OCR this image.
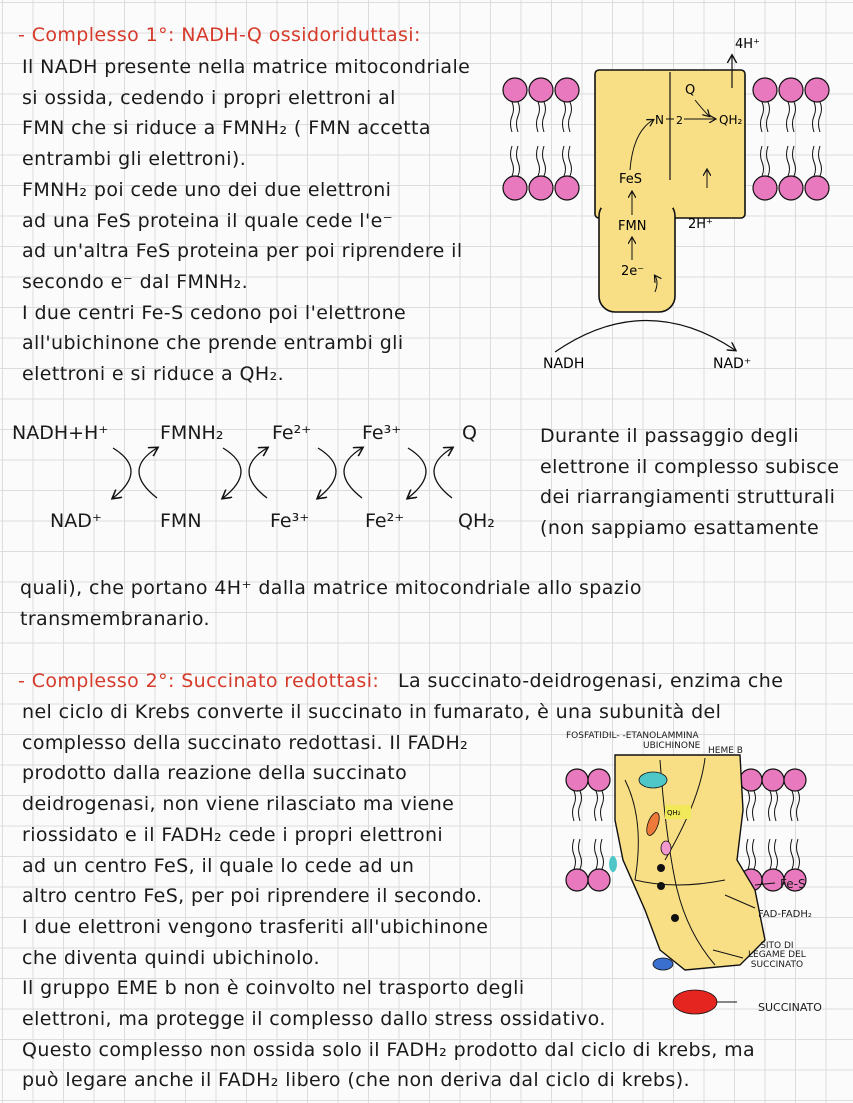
- Complesso 1°: NADH-Q ossidoriduttasi:
Il NADH presente nella matrice mitocondriale
si ossida, cedendo i propri elettroni al
FMN che si riduce a FMNH₂ ( FMN accetta
entrambi gli elettroni).
FMNH₂ poi cede uno dei due elettroni
ad una FeS proteina il quale cede l'e⁻
ad un'altra FeS proteina per poi riprendere il
secondo e⁻ dal FMNH₂.
I due centri Fe-S cedono poi l'elettrone
all'ubichinone che prende entrambi gli
elettroni e si riduce a QH₂.
4H⁺
Q
N 2	QH₂
FeS
FMN
2e⁻
2H⁺
NADH	NAD⁺
NADH+H⁺	FMNH₂	Fe²⁺	Fe³⁺	Q
NAD⁺	FMN	Fe³⁺	Fe²⁺	QH₂
Durante il passaggio degli
elettrone il complesso subisce
dei riarrangiamenti strutturali
(non sappiamo esattamente
quali), che portano 4H⁺ dalla matrice mitocondriale allo spazio
transmembranario.
- Complesso 2°: Succinato redottasi: La succinato-deidrogenasi, enzima che
nel ciclo di Krebs converte il succinato in fumarato, è una subunità del
complesso della succinato redottasi. Il FADH₂
prodotto dalla reazione della succinato
deidrogenasi, non viene rilasciato ma viene
riossidato e il FADH₂ cede i propri elettroni
ad un centro FeS, il quale lo cede ad un
altro centro FeS, per poi riprendere il secondo.
I due elettroni vengono trasferiti all'ubichinone
che diventa quindi ubichinolo.
Il gruppo EME b non è coinvolto nel trasporto degli
elettroni, ma protegge il complesso dallo stress ossidativo.
Questo complesso non ossida solo il FADH₂ prodotto dal ciclo di krebs, ma
può legare anche il FADH₂ libero (che non deriva dal ciclo di krebs).
QH₂
FOSFATIDIL- -ETANOLAMMINA
UBICHINONE HEME B
Fe-S
FAD-FADH₂
SITO DI
LEGAME DEL
SUCCINATO
SUCCINATO
